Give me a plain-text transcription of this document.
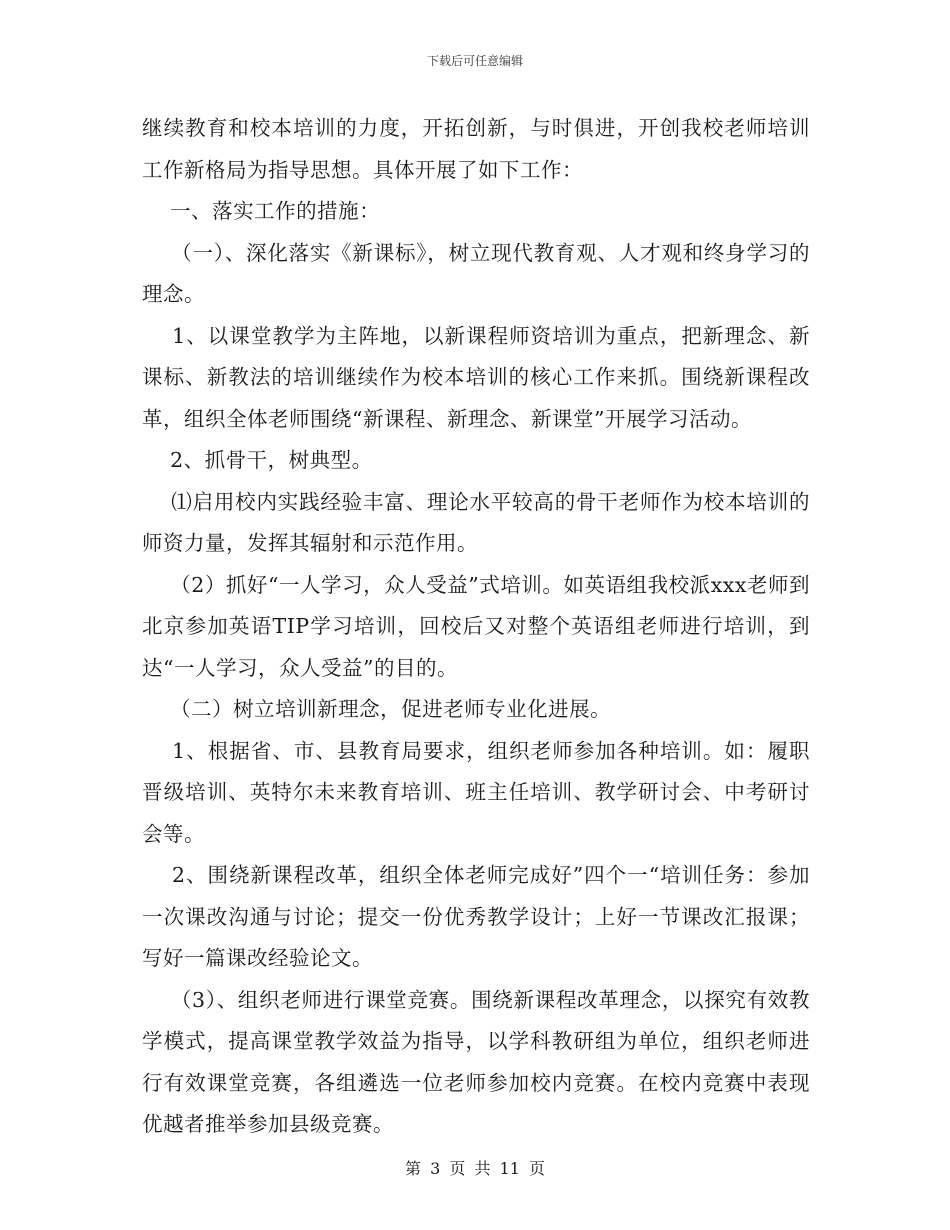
下载后可任意编辑

继续教育和校本培训的力度，开拓创新，与时俱进，开创我校老师培训工作新格局为指导思想。具体开展了如下工作：

一、落实工作的措施：

（一）、深化落实《新课标》，树立现代教育观、人才观和终身学习的理念。

1、以课堂教学为主阵地，以新课程师资培训为重点，把新理念、新课标、新教法的培训继续作为校本培训的核心工作来抓。围绕新课程改革，组织全体老师围绕“新课程、新理念、新课堂”开展学习活动。

2、抓骨干，树典型。

⑴启用校内实践经验丰富、理论水平较高的骨干老师作为校本培训的师资力量，发挥其辐射和示范作用。

（2）抓好“一人学习，众人受益”式培训。如英语组我校派xxx老师到北京参加英语TIP学习培训，回校后又对整个英语组老师进行培训，到达“一人学习，众人受益”的目的。

（二）树立培训新理念，促进老师专业化进展。

1、根据省、市、县教育局要求，组织老师参加各种培训。如：履职晋级培训、英特尔未来教育培训、班主任培训、教学研讨会、中考研讨会等。

2、围绕新课程改革，组织全体老师完成好”四个一“培训任务：参加一次课改沟通与讨论；提交一份优秀教学设计；上好一节课改汇报课；写好一篇课改经验论文。

（3）、组织老师进行课堂竞赛。围绕新课程改革理念，以探究有效教学模式，提高课堂教学效益为指导，以学科教研组为单位，组织老师进行有效课堂竞赛，各组遴选一位老师参加校内竞赛。在校内竞赛中表现优越者推举参加县级竞赛。

第 3 页 共 11 页
